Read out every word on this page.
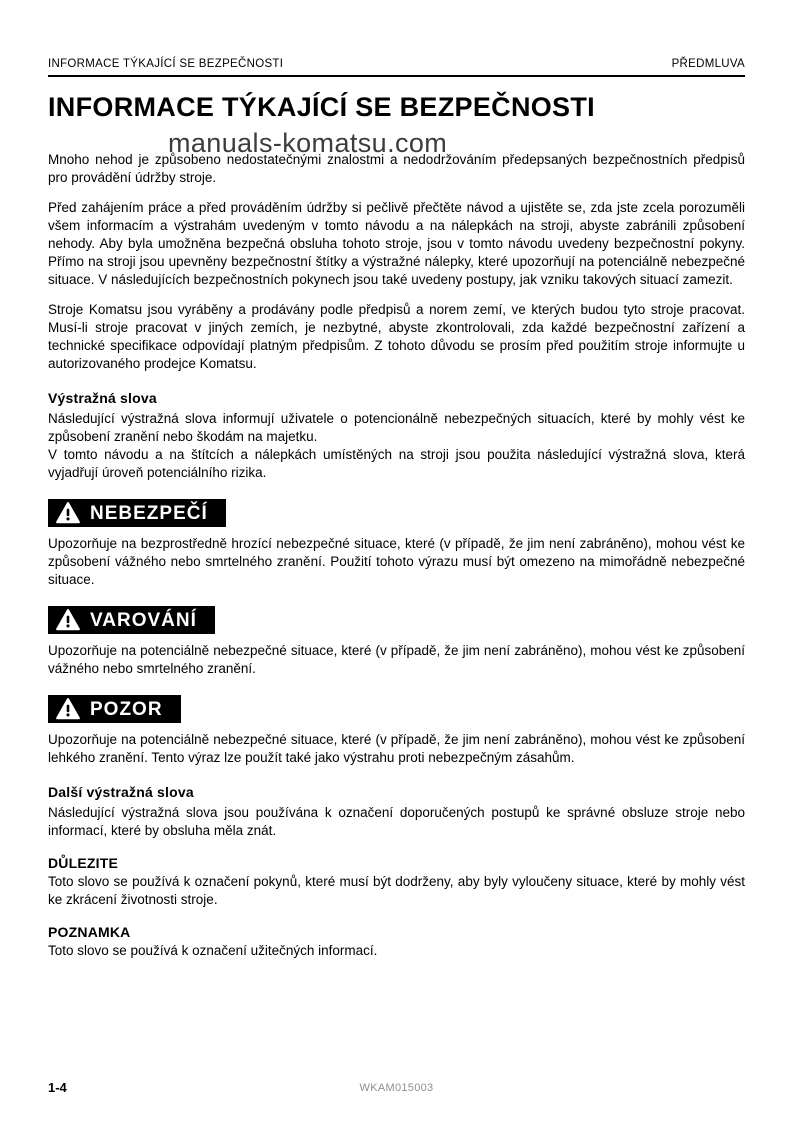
INFORMACE TÝKAJÍCÍ SE BEZPEČNOSTI	PŘEDMLUVA
INFORMACE TÝKAJÍCÍ SE BEZPEČNOSTI
manuals-komatsu.com

Mnoho nehod je způsobeno nedostatečnými znalostmi a nedodržováním předepsaných bezpečnostních předpisů pro provádění údržby stroje.

Před zahájením práce a před prováděním údržby si pečlivě přečtěte návod a ujistěte se, zda jste zcela porozuměli všem informacím a výstrahám uvedeným v tomto návodu a na nálepkách na stroji, abyste zabránili způsobení nehody. Aby byla umožněna bezpečná obsluha tohoto stroje, jsou v tomto návodu uvedeny bezpečnostní pokyny. Přímo na stroji jsou upevněny bezpečnostní štítky a výstražné nálepky, které upozorňují na potenciálně nebezpečné situace. V následujících bezpečnostních pokynech jsou také uvedeny postupy, jak vzniku takových situací zamezit.

Stroje Komatsu jsou vyráběny a prodávány podle předpisů a norem zemí, ve kterých budou tyto stroje pracovat. Musí-li stroje pracovat v jiných zemích, je nezbytné, abyste zkontrolovali, zda každé bezpečnostní zařízení a technické specifikace odpovídají platným předpisům. Z tohoto důvodu se prosím před použitím stroje informujte u autorizovaného prodejce Komatsu.

Výstražná slova

Následující výstražná slova informují uživatele o potencionálně nebezpečných situacích, které by mohly vést ke způsobení zranění nebo škodám na majetku.

V tomto návodu a na štítcích a nálepkách umístěných na stroji jsou použita následující výstražná slova, která vyjadřují úroveň potenciálního rizika.

NEBEZPEČÍ

Upozorňuje na bezprostředně hrozící nebezpečné situace, které (v případě, že jim není zabráněno), mohou vést ke způsobení vážného nebo smrtelného zranění. Použití tohoto výrazu musí být omezeno na mimořádně nebezpečné situace.

VAROVÁNÍ

Upozorňuje na potenciálně nebezpečné situace, které (v případě, že jim není zabráněno), mohou vést ke způsobení vážného nebo smrtelného zranění.

POZOR

Upozorňuje na potenciálně nebezpečné situace, které (v případě, že jim není zabráněno), mohou vést ke způsobení lehkého zranění. Tento výraz lze použít také jako výstrahu proti nebezpečným zásahům.

Další výstražná slova

Následující výstražná slova jsou používána k označení doporučených postupů ke správné obsluze stroje nebo informací, které by obsluha měla znát.

DŮLEZITE

Toto slovo se používá k označení pokynů, které musí být dodrženy, aby byly vyloučeny situace, které by mohly vést ke zkrácení životnosti stroje.

POZNAMKA

Toto slovo se používá k označení užitečných informací.

1-4	WKAM015003
